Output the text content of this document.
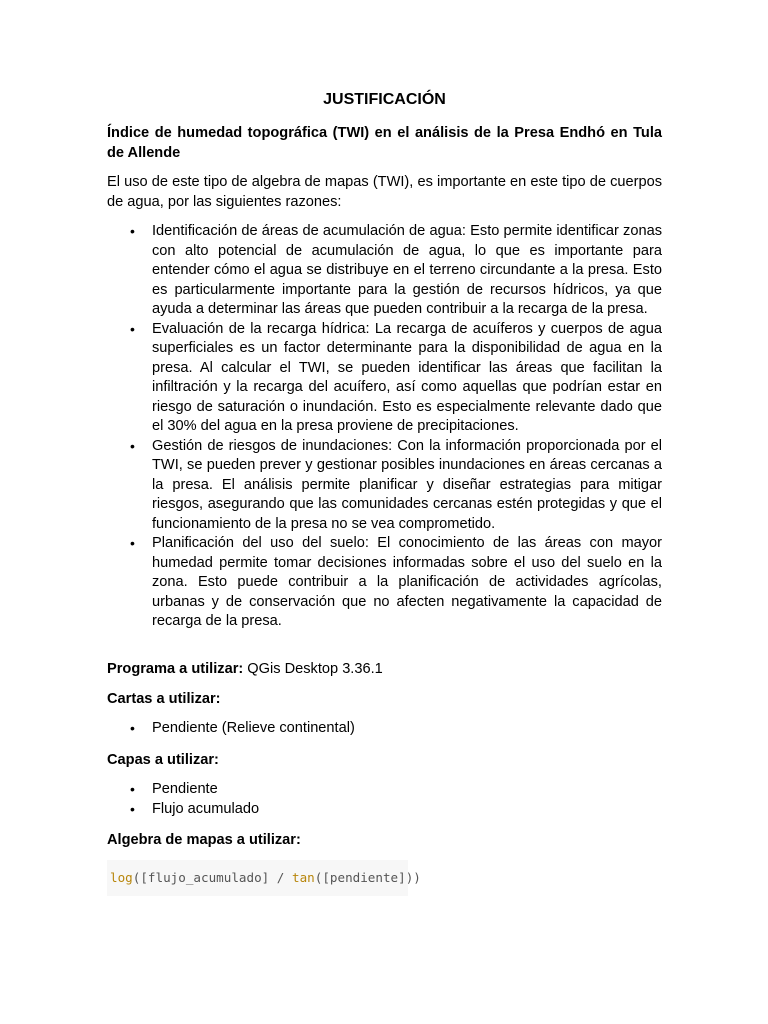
JUSTIFICACIÓN
Índice de humedad topográfica (TWI) en el análisis de la Presa Endhó en Tula de Allende

El uso de este tipo de algebra de mapas (TWI), es importante en este tipo de cuerpos de agua, por las siguientes razones:

• Identificación de áreas de acumulación de agua: Esto permite identificar zonas con alto potencial de acumulación de agua, lo que es importante para entender cómo el agua se distribuye en el terreno circundante a la presa. Esto es particularmente importante para la gestión de recursos hídricos, ya que ayuda a determinar las áreas que pueden contribuir a la recarga de la presa.
• Evaluación de la recarga hídrica: La recarga de acuíferos y cuerpos de agua superficiales es un factor determinante para la disponibilidad de agua en la presa. Al calcular el TWI, se pueden identificar las áreas que facilitan la infiltración y la recarga del acuífero, así como aquellas que podrían estar en riesgo de saturación o inundación. Esto es especialmente relevante dado que el 30% del agua en la presa proviene de precipitaciones.
• Gestión de riesgos de inundaciones: Con la información proporcionada por el TWI, se pueden prever y gestionar posibles inundaciones en áreas cercanas a la presa. El análisis permite planificar y diseñar estrategias para mitigar riesgos, asegurando que las comunidades cercanas estén protegidas y que el funcionamiento de la presa no se vea comprometido.
• Planificación del uso del suelo: El conocimiento de las áreas con mayor humedad permite tomar decisiones informadas sobre el uso del suelo en la zona. Esto puede contribuir a la planificación de actividades agrícolas, urbanas y de conservación que no afecten negativamente la capacidad de recarga de la presa.
Programa a utilizar: QGis Desktop 3.36.1
Cartas a utilizar:
• Pendiente (Relieve continental)
Capas a utilizar:
• Pendiente
• Flujo acumulado
Algebra de mapas a utilizar:
log([flujo_acumulado] / tan([pendiente]))
